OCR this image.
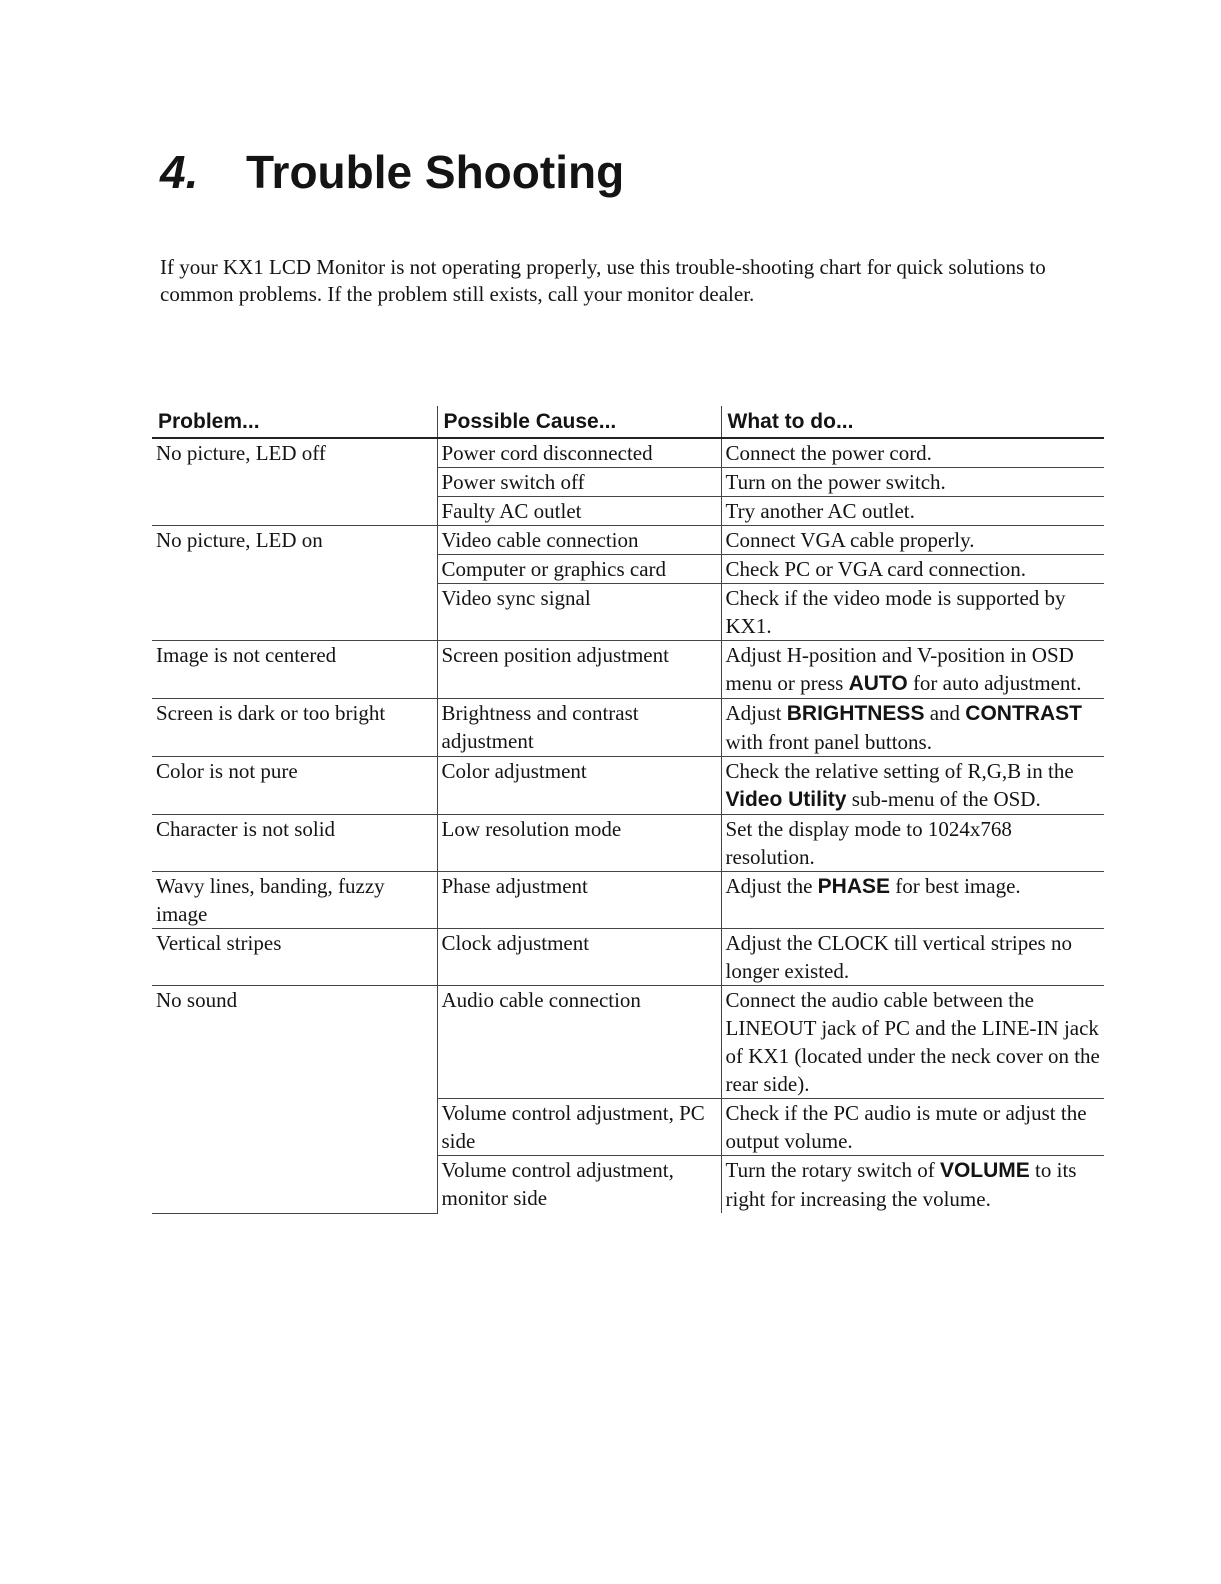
4. Trouble Shooting

If your KX1 LCD Monitor is not operating properly, use this trouble-shooting chart for quick solutions to common problems. If the problem still exists, call your monitor dealer.

Problem...	Possible Cause...	What to do...
No picture, LED off	Power cord disconnected	Connect the power cord.
	Power switch off	Turn on the power switch.
	Faulty AC outlet	Try another AC outlet.
No picture, LED on	Video cable connection	Connect VGA cable properly.
	Computer or graphics card	Check PC or VGA card connection.
	Video sync signal	Check if the video mode is supported by KX1.
Image is not centered	Screen position adjustment	Adjust H-position and V-position in OSD menu or press AUTO for auto adjustment.
Screen is dark or too bright	Brightness and contrast adjustment	Adjust BRIGHTNESS and CONTRAST with front panel buttons.
Color is not pure	Color adjustment	Check the relative setting of R,G,B in the Video Utility sub-menu of the OSD.
Character is not solid	Low resolution mode	Set the display mode to 1024x768 resolution.
Wavy lines, banding, fuzzy image	Phase adjustment	Adjust the PHASE for best image.
Vertical stripes	Clock adjustment	Adjust the CLOCK till vertical stripes no longer existed.
No sound	Audio cable connection	Connect the audio cable between the LINEOUT jack of PC and the LINE-IN jack of KX1 (located under the neck cover on the rear side).
	Volume control adjustment, PC side	Check if the PC audio is mute or adjust the output volume.
	Volume control adjustment, monitor side	Turn the rotary switch of VOLUME to its right for increasing the volume.
